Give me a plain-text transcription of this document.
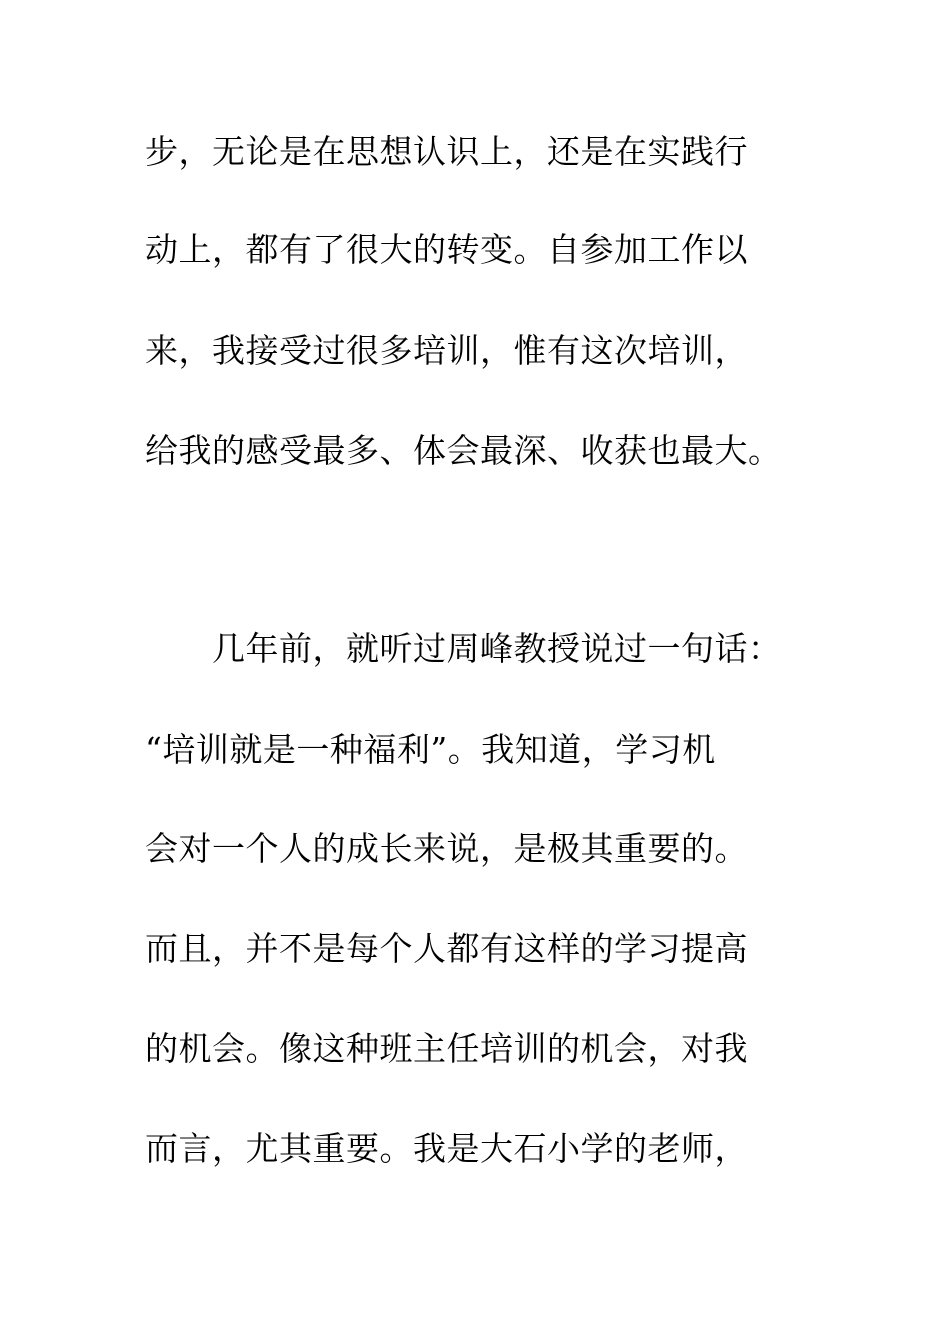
步，无论是在思想认识上，还是在实践行
动上，都有了很大的转变。自参加工作以
来，我接受过很多培训，惟有这次培训，
给我的感受最多、体会最深、收获也最大。
　　几年前，就听过周峰教授说过一句话：
“培训就是一种福利”。我知道，学习机
会对一个人的成长来说，是极其重要的。
而且，并不是每个人都有这样的学习提高
的机会。像这种班主任培训的机会，对我
而言，尤其重要。我是大石小学的老师，
